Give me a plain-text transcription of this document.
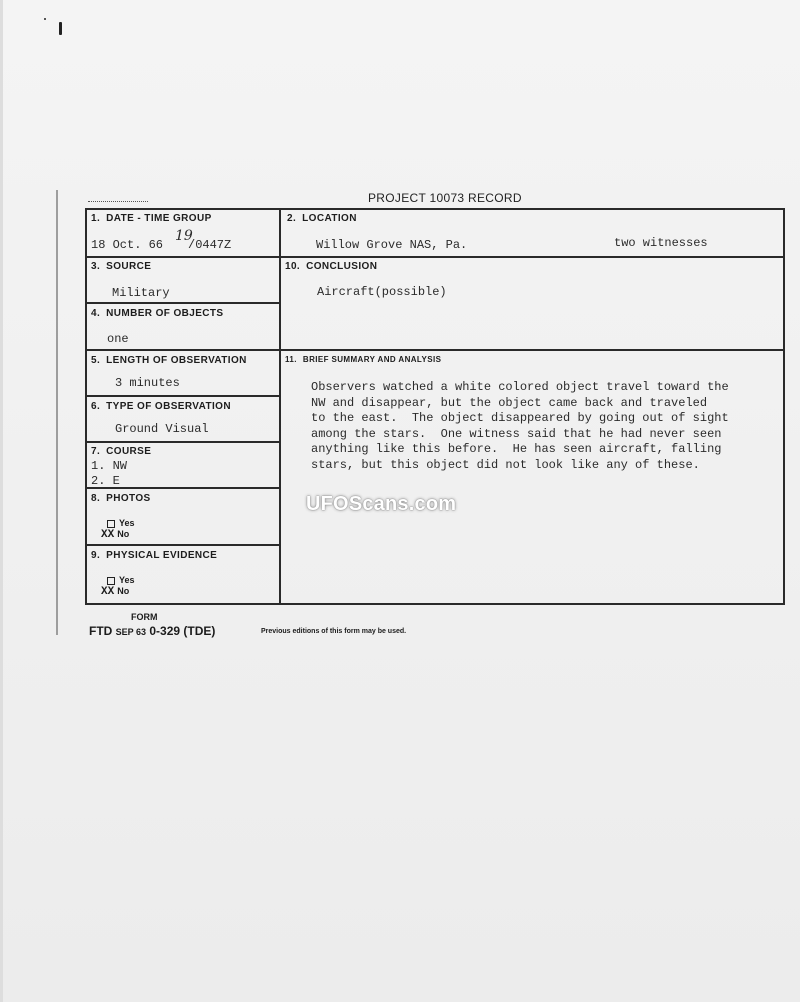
PROJECT 10073 RECORD
1. DATE - TIME GROUP
18 Oct. 66
19
/0447Z
2. LOCATION
Willow Grove NAS, Pa.	two witnesses
3. SOURCE
Military
10. CONCLUSION
Aircraft(possible)
4. NUMBER OF OBJECTS
one
5. LENGTH OF OBSERVATION
3 minutes
11. BRIEF SUMMARY AND ANALYSIS
Observers watched a white colored object travel toward the
NW and disappear, but the object came back and traveled
to the east.  The object disappeared by going out of sight
among the stars.  One witness said that he had never seen
anything like this before.  He has seen aircraft, falling
stars, but this object did not look like any of these.
6. TYPE OF OBSERVATION
Ground Visual
7. COURSE
1. NW
2. E
8. PHOTOS
Yes
XX No
9. PHYSICAL EVIDENCE
Yes
XX No
FORM
FTD SEP 63 0-329 (TDE)	Previous editions of this form may be used.
UFOScans.com
